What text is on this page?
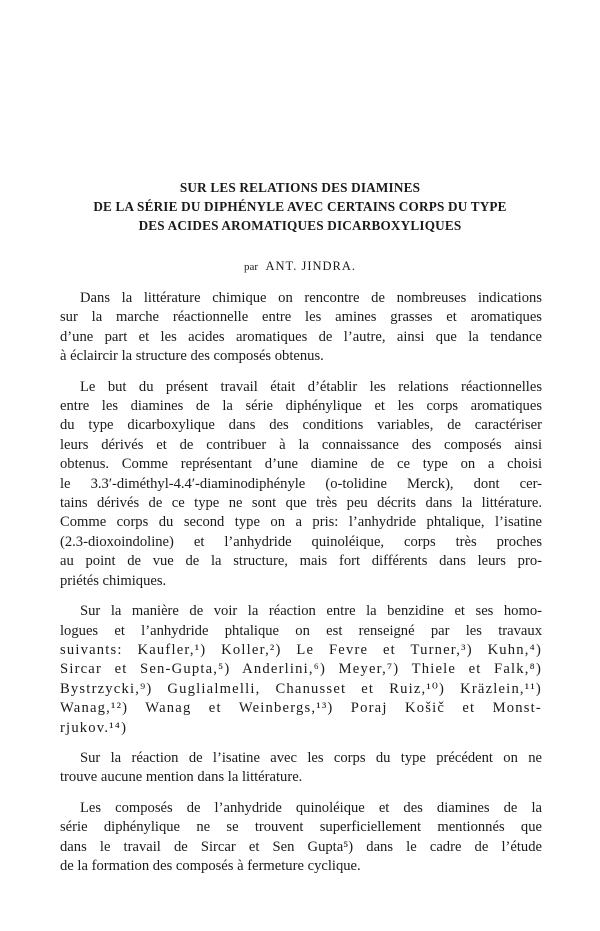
SUR LES RELATIONS DES DIAMINES
DE LA SÉRIE DU DIPHÉNYLE AVEC CERTAINS CORPS DU TYPE
DES ACIDES AROMATIQUES DICARBOXYLIQUES
par ANT. JINDRA.

Dans la littérature chimique on rencontre de nombreuses indications
sur la marche réactionnelle entre les amines grasses et aromatiques
d’une part et les acides aromatiques de l’autre, ainsi que la tendance
à éclaircir la structure des composés obtenus.

Le but du présent travail était d’établir les relations réactionnelles
entre les diamines de la série diphénylique et les corps aromatiques
du type dicarboxylique dans des conditions variables, de caractériser
leurs dérivés et de contribuer à la connaissance des composés ainsi
obtenus. Comme représentant d’une diamine de ce type on a choisi
le 3.3′-diméthyl-4.4′-diaminodiphényle (o-tolidine Merck), dont cer-
tains dérivés de ce type ne sont que très peu décrits dans la littérature.
Comme corps du second type on a pris: l’anhydride phtalique, l’isatine
(2.3-dioxoindoline) et l’anhydride quinoléique, corps très proches
au point de vue de la structure, mais fort différents dans leurs pro-
priétés chimiques.

Sur la manière de voir la réaction entre la benzidine et ses homo-
logues et l’anhydride phtalique on est renseigné par les travaux
suivants: Kaufler,¹) Koller,²) Le Fevre et Turner,³) Kuhn,⁴)
Sircar et Sen-Gupta,⁵) Anderlini,⁶) Meyer,⁷) Thiele et Falk,⁸)
Bystrzycki,⁹) Guglialmelli, Chanusset et Ruiz,¹⁰) Kräzlein,¹¹)
Wanag,¹²) Wanag et Weinbergs,¹³) Poraj Košič et Monst-
rjukov.¹⁴)

Sur la réaction de l’isatine avec les corps du type précédent on ne
trouve aucune mention dans la littérature.

Les composés de l’anhydride quinoléique et des diamines de la
série diphénylique ne se trouvent superficiellement mentionnés que
dans le travail de Sircar et Sen Gupta⁵) dans le cadre de l’étude
de la formation des composés à fermeture cyclique.
